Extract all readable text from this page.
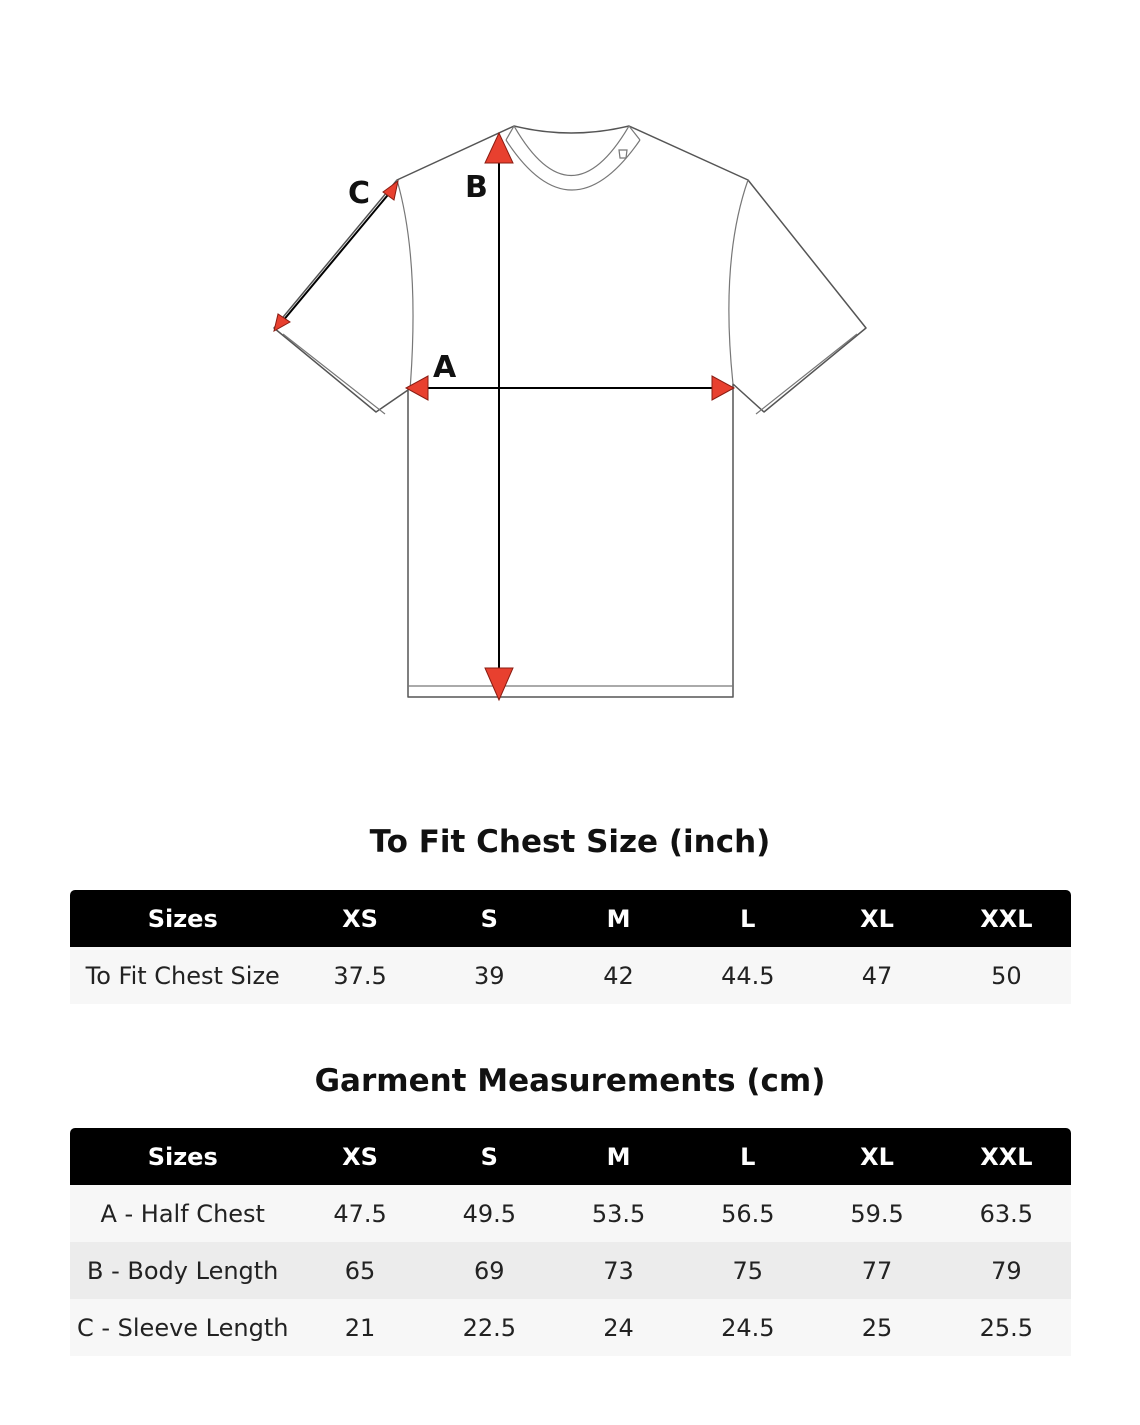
A
B
C
To Fit Chest Size (inch)
Sizes	XS	S	M	L	XL	XXL
To Fit Chest Size	37.5	39	42	44.5	47	50
Garment Measurements (cm)
Sizes	XS	S	M	L	XL	XXL
A - Half Chest	47.5	49.5	53.5	56.5	59.5	63.5
B - Body Length	65	69	73	75	77	79
C - Sleeve Length	21	22.5	24	24.5	25	25.5
